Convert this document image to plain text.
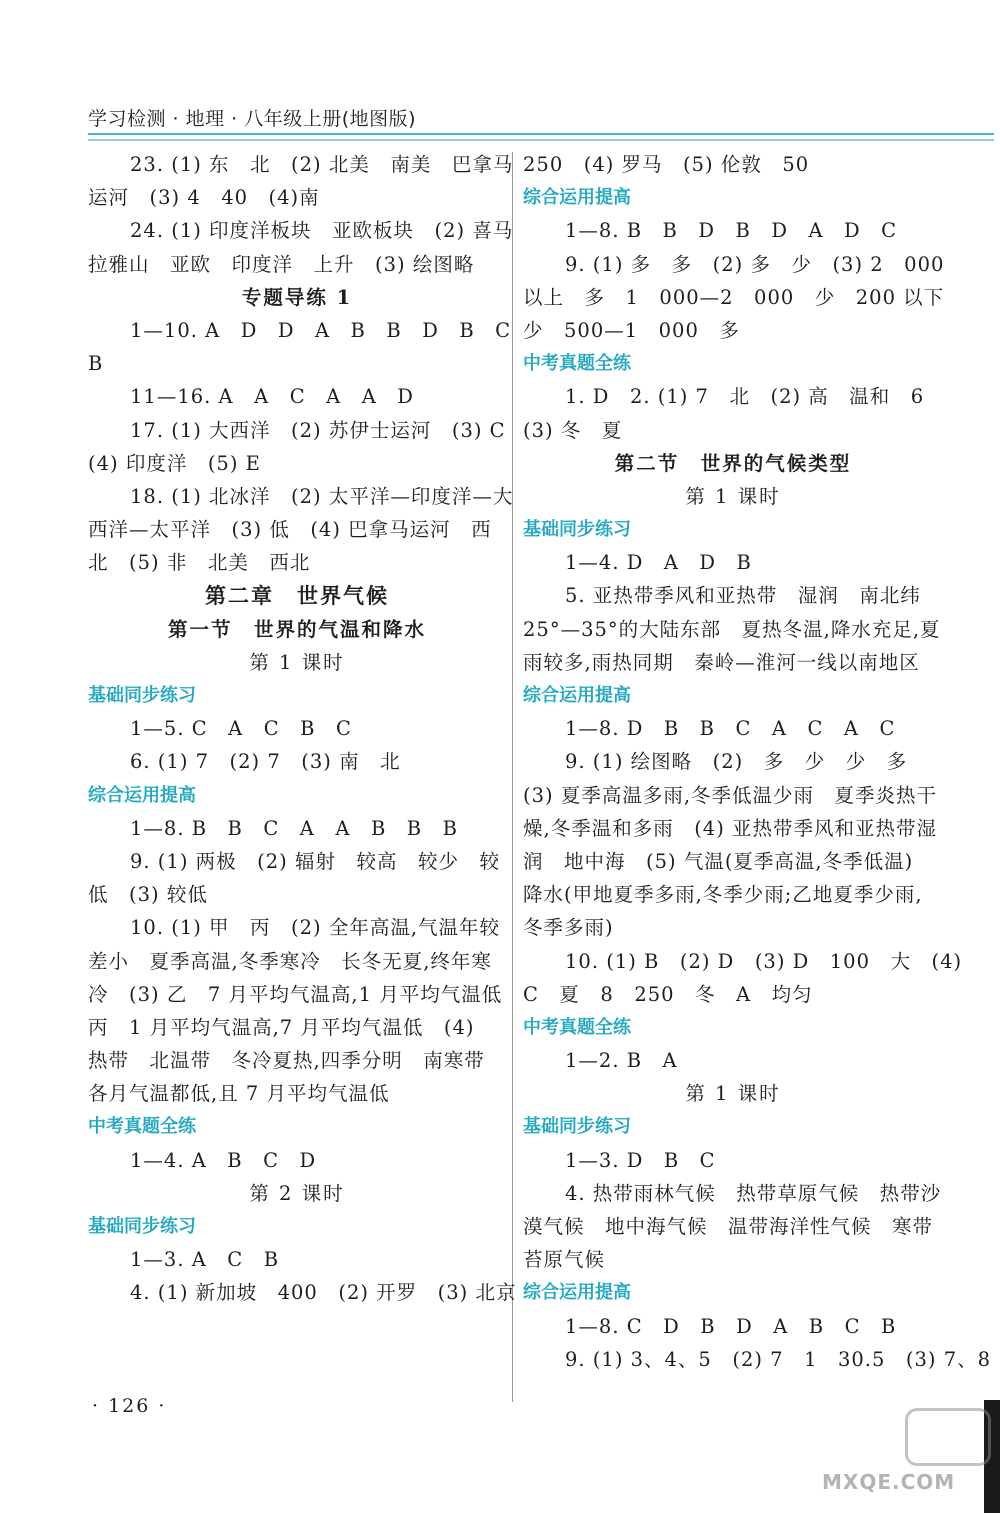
学习检测 · 地理 · 八年级上册(地图版)
23. (1) 东　北　(2) 北美　南美　巴拿马
运河　(3) 4　40　(4)南
24. (1) 印度洋板块　亚欧板块　(2) 喜马
拉雅山　亚欧　印度洋　上升　(3) 绘图略
专题导练 1
1—10. A　D　D　A　B　B　D　B　C
B
11—16. A　A　C　A　A　D
17. (1) 大西洋　(2) 苏伊士运河　(3) C
(4) 印度洋　(5) E
18. (1) 北冰洋　(2) 太平洋—印度洋—大
西洋—太平洋　(3) 低　(4) 巴拿马运河　西
北　(5) 非　北美　西北
第二章　世界气候
第一节　世界的气温和降水
第 1 课时
基础同步练习
1—5. C　A　C　B　C
6. (1) 7　(2) 7　(3) 南　北
综合运用提高
1—8. B　B　C　A　A　B　B　B
9. (1) 两极　(2) 辐射　较高　较少　较
低　(3) 较低
10. (1) 甲　丙　(2) 全年高温,气温年较
差小　夏季高温,冬季寒冷　长冬无夏,终年寒
冷　(3) 乙　7 月平均气温高,1 月平均气温低
丙　1 月平均气温高,7 月平均气温低　(4)
热带　北温带　冬冷夏热,四季分明　南寒带
各月气温都低,且 7 月平均气温低
中考真题全练
1—4. A　B　C　D
第 2 课时
基础同步练习
1—3. A　C　B
4. (1) 新加坡　400　(2) 开罗　(3) 北京
250　(4) 罗马　(5) 伦敦　50
综合运用提高
1—8. B　B　D　B　D　A　D　C
9. (1) 多　多　(2) 多　少　(3) 2　000
以上　多　1　000—2　000　少　200 以下
少　500—1　000　多
中考真题全练
1. D　2. (1) 7　北　(2) 高　温和　6
(3) 冬　夏
第二节　世界的气候类型
第 1 课时
基础同步练习
1—4. D　A　D　B
5. 亚热带季风和亚热带　湿润　南北纬
25°—35°的大陆东部　夏热冬温,降水充足,夏
雨较多,雨热同期　秦岭—淮河一线以南地区
综合运用提高
1—8. D　B　B　C　A　C　A　C
9. (1) 绘图略　(2)　多　少　少　多
(3) 夏季高温多雨,冬季低温少雨　夏季炎热干
燥,冬季温和多雨　(4) 亚热带季风和亚热带湿
润　地中海　(5) 气温(夏季高温,冬季低温)
降水(甲地夏季多雨,冬季少雨;乙地夏季少雨,
冬季多雨)
10. (1) B　(2) D　(3) D　100　大　(4)
C　夏　8　250　冬　A　均匀
中考真题全练
1—2. B　A
第 1 课时
基础同步练习
1—3. D　B　C
4. 热带雨林气候　热带草原气候　热带沙
漠气候　地中海气候　温带海洋性气候　寒带
苔原气候
综合运用提高
1—8. C　D　B　D　A　B　C　B
9. (1) 3、4、5　(2) 7　1　30.5　(3) 7、8
· 126 ·
MXQE.COM
